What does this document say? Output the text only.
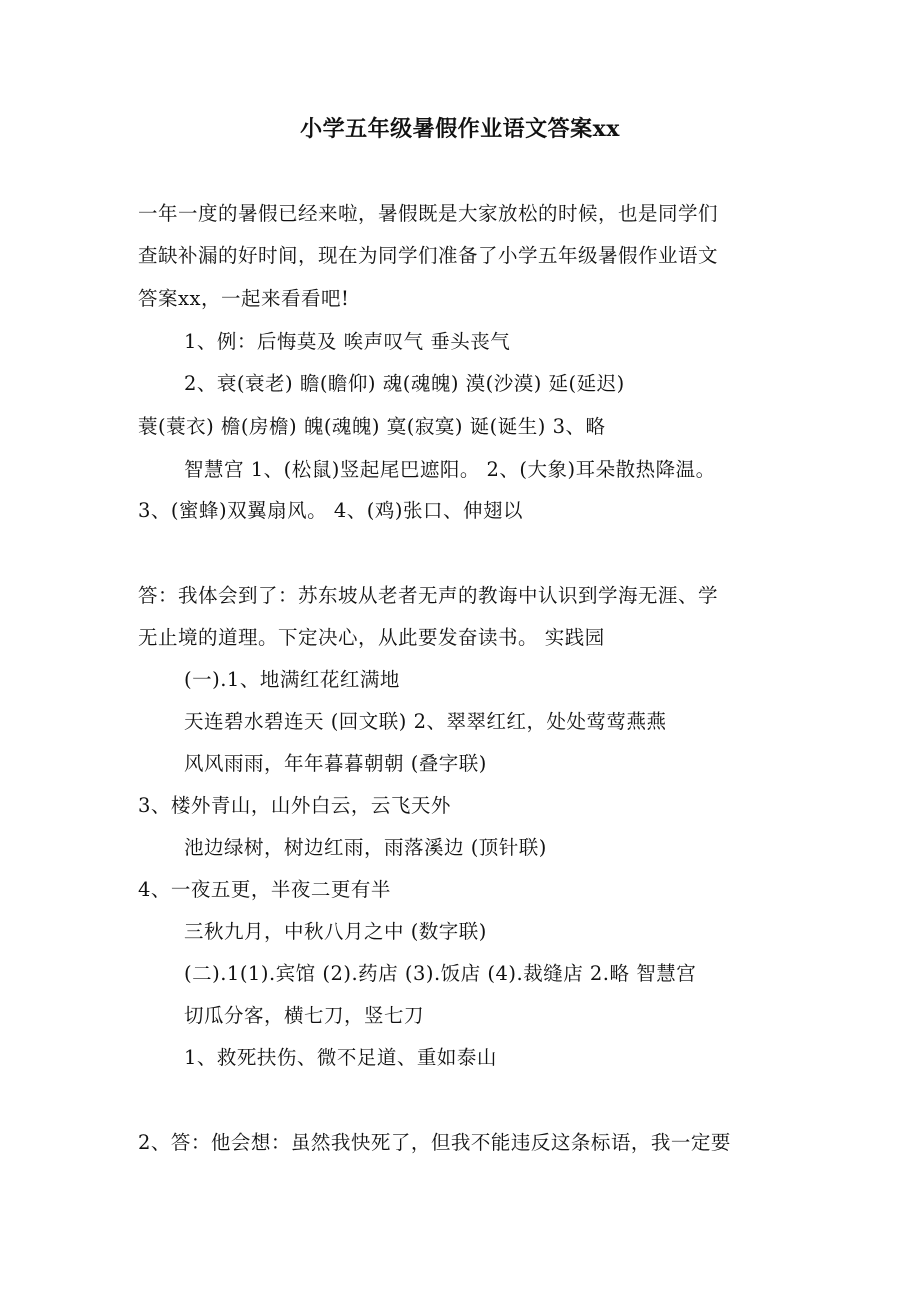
小学五年级暑假作业语文答案xx
一年一度的暑假已经来啦，暑假既是大家放松的时候，也是同学们
查缺补漏的好时间，现在为同学们准备了小学五年级暑假作业语文
答案xx，一起来看看吧!
1、例：后悔莫及 唉声叹气 垂头丧气
2、衰(衰老) 瞻(瞻仰) 魂(魂魄) 漠(沙漠) 延(延迟)
蓑(蓑衣) 檐(房檐) 魄(魂魄) 寞(寂寞) 诞(诞生) 3、略
智慧宫 1、(松鼠)竖起尾巴遮阳。 2、(大象)耳朵散热降温。
3、(蜜蜂)双翼扇风。 4、(鸡)张口、伸翅以
答：我体会到了：苏东坡从老者无声的教诲中认识到学海无涯、学
无止境的道理。下定决心，从此要发奋读书。 实践园
(一).1、地满红花红满地
天连碧水碧连天 (回文联) 2、翠翠红红，处处莺莺燕燕
风风雨雨，年年暮暮朝朝 (叠字联)
3、楼外青山，山外白云，云飞天外
池边绿树，树边红雨，雨落溪边 (顶针联)
4、一夜五更，半夜二更有半
三秋九月，中秋八月之中 (数字联)
(二).1(1).宾馆 (2).药店 (3).饭店 (4).裁缝店 2.略 智慧宫
切瓜分客，横七刀，竖七刀
1、救死扶伤、微不足道、重如泰山
2、答：他会想：虽然我快死了，但我不能违反这条标语，我一定要
